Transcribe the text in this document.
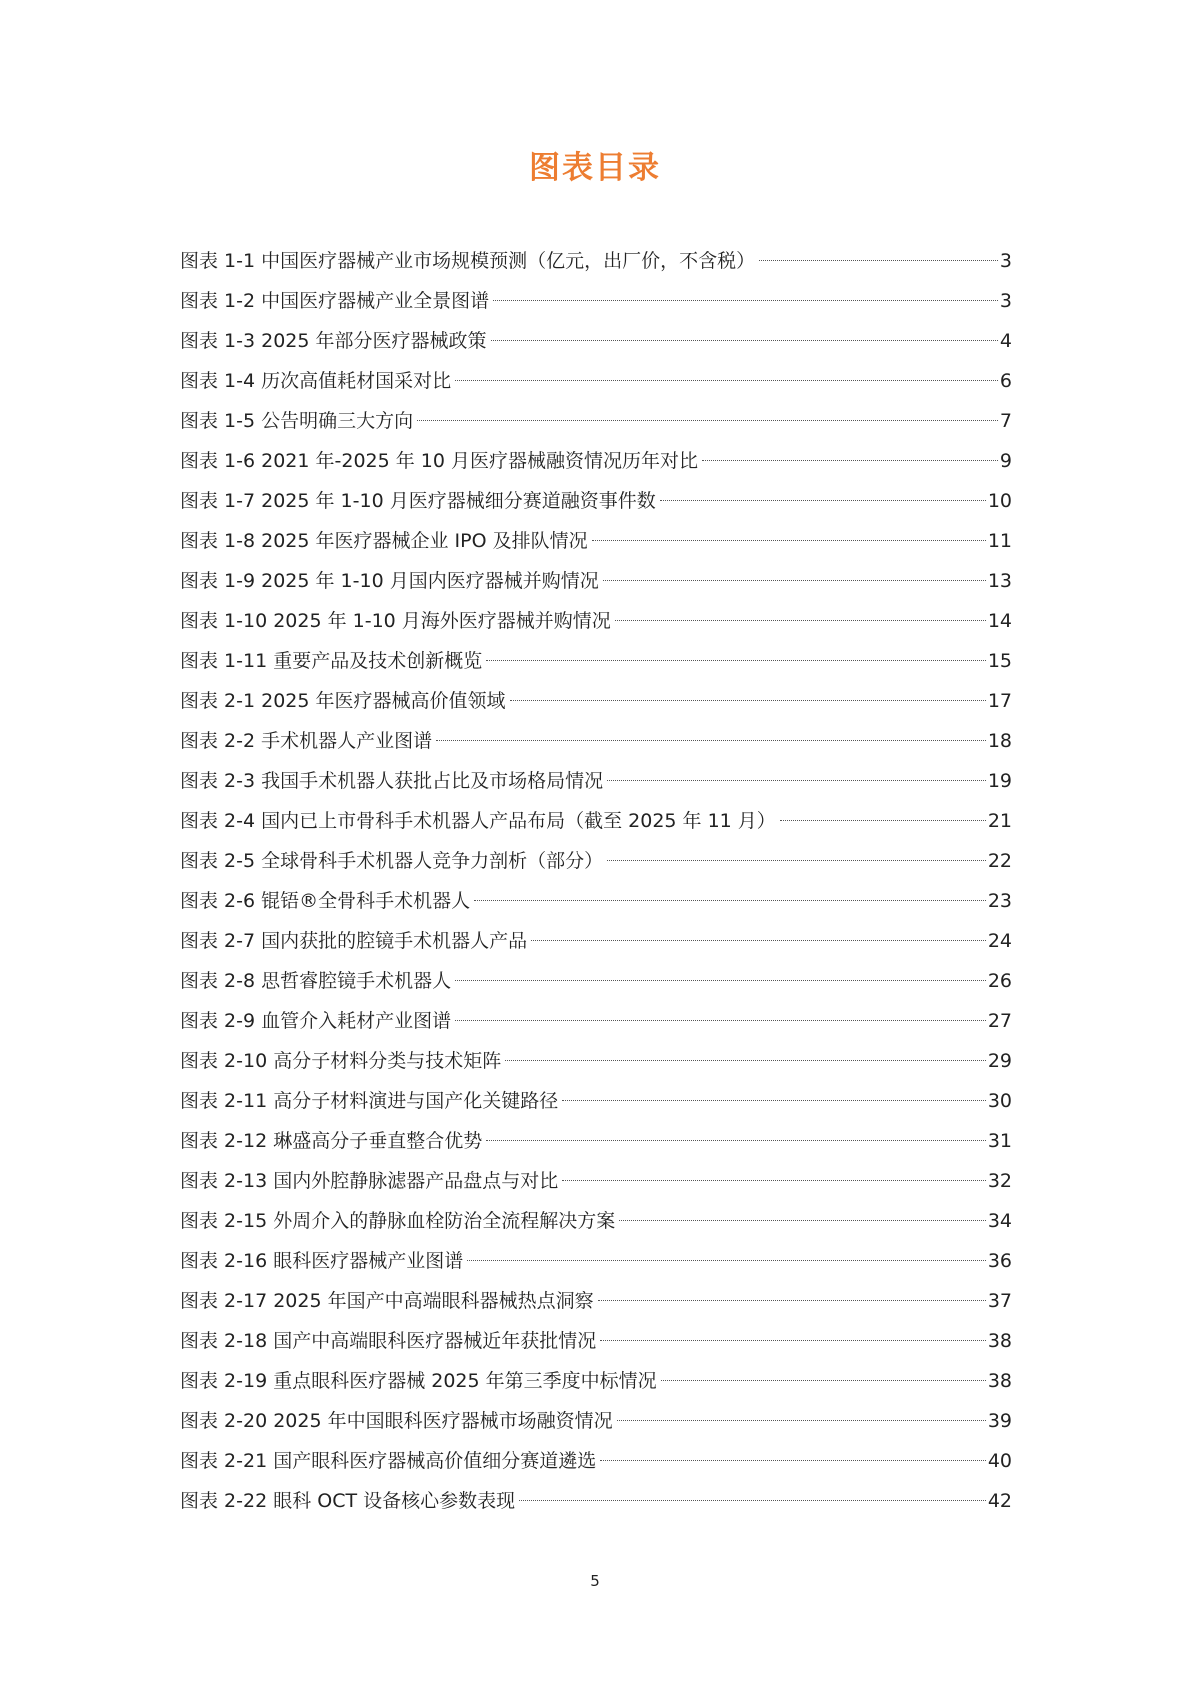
图表目录
图表 1-1 中国医疗器械产业市场规模预测（亿元，出厂价，不含税）	3
图表 1-2 中国医疗器械产业全景图谱	3
图表 1-3 2025 年部分医疗器械政策	4
图表 1-4 历次高值耗材国采对比	6
图表 1-5 公告明确三大方向	7
图表 1-6 2021 年-2025 年 10 月医疗器械融资情况历年对比	9
图表 1-7 2025 年 1-10 月医疗器械细分赛道融资事件数	10
图表 1-8 2025 年医疗器械企业 IPO 及排队情况	11
图表 1-9 2025 年 1-10 月国内医疗器械并购情况	13
图表 1-10 2025 年 1-10 月海外医疗器械并购情况	14
图表 1-11 重要产品及技术创新概览	15
图表 2-1 2025 年医疗器械高价值领域	17
图表 2-2 手术机器人产业图谱	18
图表 2-3 我国手术机器人获批占比及市场格局情况	19
图表 2-4 国内已上市骨科手术机器人产品布局（截至 2025 年 11 月）	21
图表 2-5 全球骨科手术机器人竞争力剖析（部分）	22
图表 2-6 锟铻®全骨科手术机器人	23
图表 2-7 国内获批的腔镜手术机器人产品	24
图表 2-8 思哲睿腔镜手术机器人	26
图表 2-9 血管介入耗材产业图谱	27
图表 2-10 高分子材料分类与技术矩阵	29
图表 2-11 高分子材料演进与国产化关键路径	30
图表 2-12 琳盛高分子垂直整合优势	31
图表 2-13 国内外腔静脉滤器产品盘点与对比	32
图表 2-15 外周介入的静脉血栓防治全流程解决方案	34
图表 2-16 眼科医疗器械产业图谱	36
图表 2-17 2025 年国产中高端眼科器械热点洞察	37
图表 2-18 国产中高端眼科医疗器械近年获批情况	38
图表 2-19 重点眼科医疗器械 2025 年第三季度中标情况	38
图表 2-20 2025 年中国眼科医疗器械市场融资情况	39
图表 2-21 国产眼科医疗器械高价值细分赛道遴选	40
图表 2-22 眼科 OCT 设备核心参数表现	42
5
